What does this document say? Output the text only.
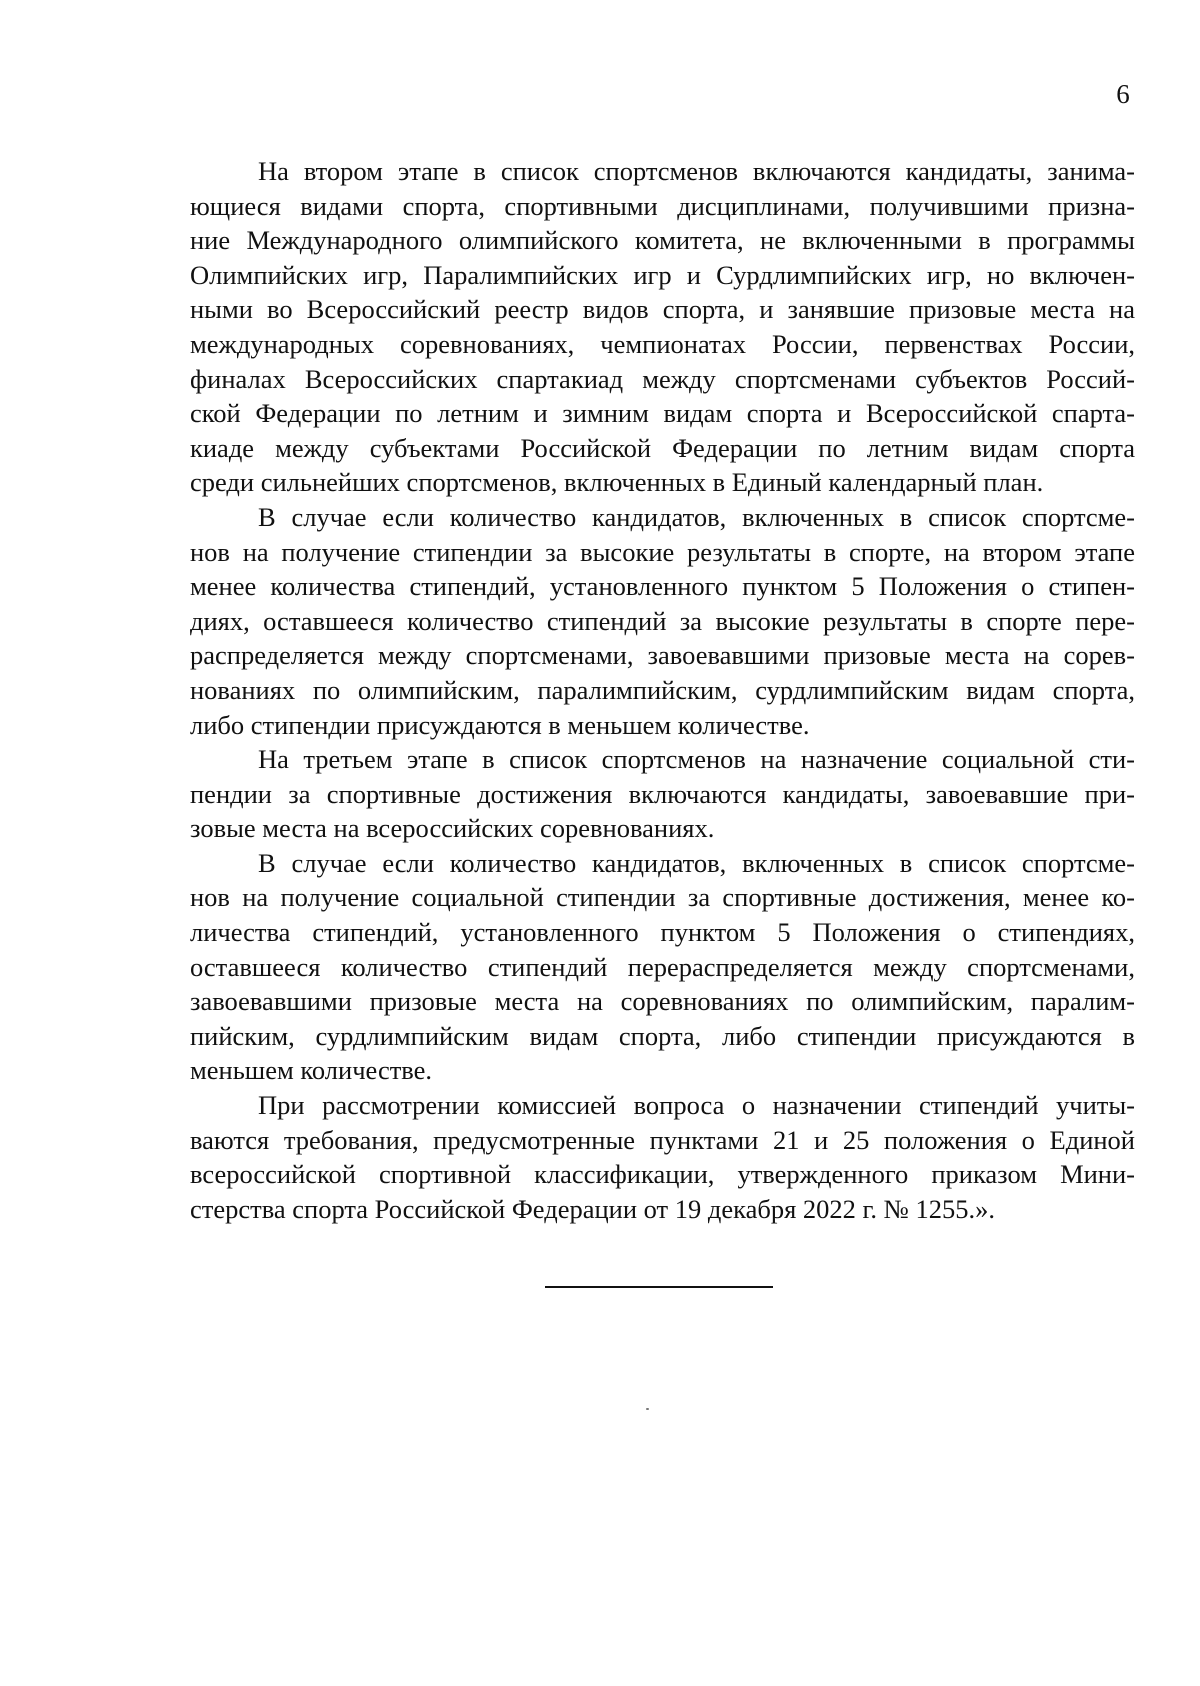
6

На втором этапе в список спортсменов включаются кандидаты, занима-
ющиеся видами спорта, спортивными дисциплинами, получившими призна-
ние Международного олимпийского комитета, не включенными в программы
Олимпийских игр, Паралимпийских игр и Сурдлимпийских игр, но включен-
ными во Всероссийский реестр видов спорта, и занявшие призовые места на
международных соревнованиях, чемпионатах России, первенствах России,
финалах Всероссийских спартакиад между спортсменами субъектов Россий-
ской Федерации по летним и зимним видам спорта и Всероссийской спарта-
киаде между субъектами Российской Федерации по летним видам спорта
среди сильнейших спортсменов, включенных в Единый календарный план.

В случае если количество кандидатов, включенных в список спортсме-
нов на получение стипендии за высокие результаты в спорте, на втором этапе
менее количества стипендий, установленного пунктом 5 Положения о стипен-
диях, оставшееся количество стипендий за высокие результаты в спорте пере-
распределяется между спортсменами, завоевавшими призовые места на сорев-
нованиях по олимпийским, паралимпийским, сурдлимпийским видам спорта,
либо стипендии присуждаются в меньшем количестве.

На третьем этапе в список спортсменов на назначение социальной сти-
пендии за спортивные достижения включаются кандидаты, завоевавшие при-
зовые места на всероссийских соревнованиях.

В случае если количество кандидатов, включенных в список спортсме-
нов на получение социальной стипендии за спортивные достижения, менее ко-
личества стипендий, установленного пунктом 5 Положения о стипендиях,
оставшееся количество стипендий перераспределяется между спортсменами,
завоевавшими призовые места на соревнованиях по олимпийским, паралим-
пийским, сурдлимпийским видам спорта, либо стипендии присуждаются в
меньшем количестве.

При рассмотрении комиссией вопроса о назначении стипендий учиты-
ваются требования, предусмотренные пунктами 21 и 25 положения о Единой
всероссийской спортивной классификации, утвержденного приказом Мини-
стерства спорта Российской Федерации от 19 декабря 2022 г. № 1255.».
